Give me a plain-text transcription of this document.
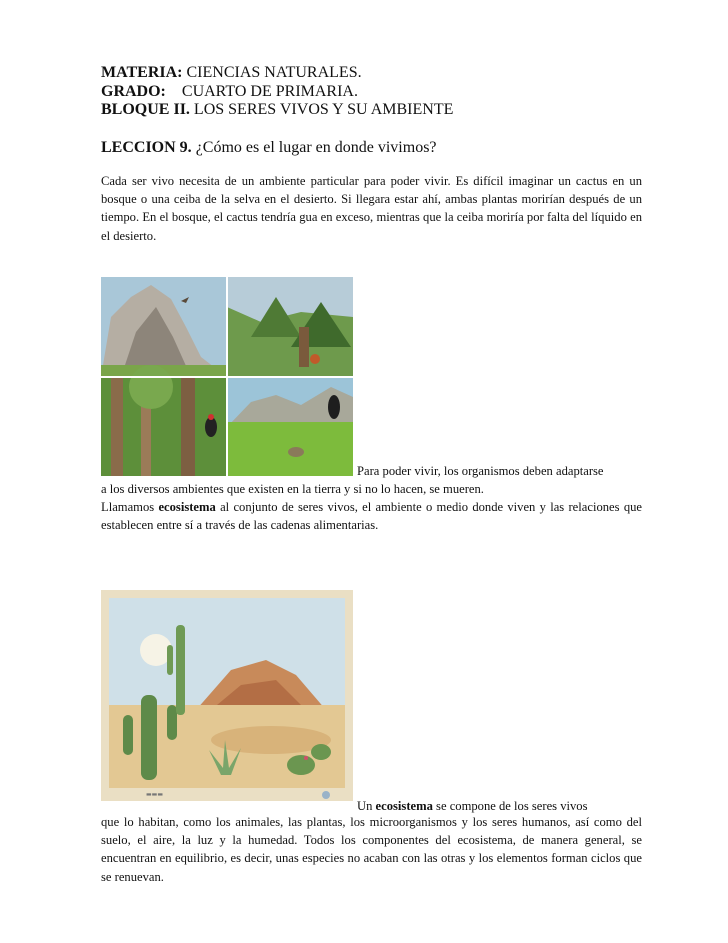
MATERIA: CIENCIAS NATURALES.
GRADO: CUARTO DE PRIMARIA.
BLOQUE II. LOS SERES VIVOS Y SU AMBIENTE
LECCION 9. ¿Cómo es el lugar en donde vivimos?
Cada ser vivo necesita de un ambiente particular para poder vivir. Es difícil imaginar un cactus en un bosque o una ceiba de la selva en el desierto. Si llegara estar ahí, ambas plantas morirían después de un tiempo. En el bosque, el cactus tendría gua en exceso, mientras que la ceiba moriría por falta del líquido en el desierto.
Para poder vivir, los organismos deben adaptarse
a los diversos ambientes que existen en la tierra y si no lo hacen, se mueren.
Llamamos ecosistema al conjunto de seres vivos, el ambiente o medio donde viven y las relaciones que establecen entre sí a través de las cadenas alimentarias.
▬▬▬
Un ecosistema se compone de los seres vivos
que lo habitan, como los animales, las plantas, los microorganismos y los seres humanos, así como del suelo, el aire, la luz y la humedad. Todos los componentes del ecosistema, de manera general, se encuentran en equilibrio, es decir, unas especies no acaban con las otras y los elementos forman ciclos que se renuevan.
